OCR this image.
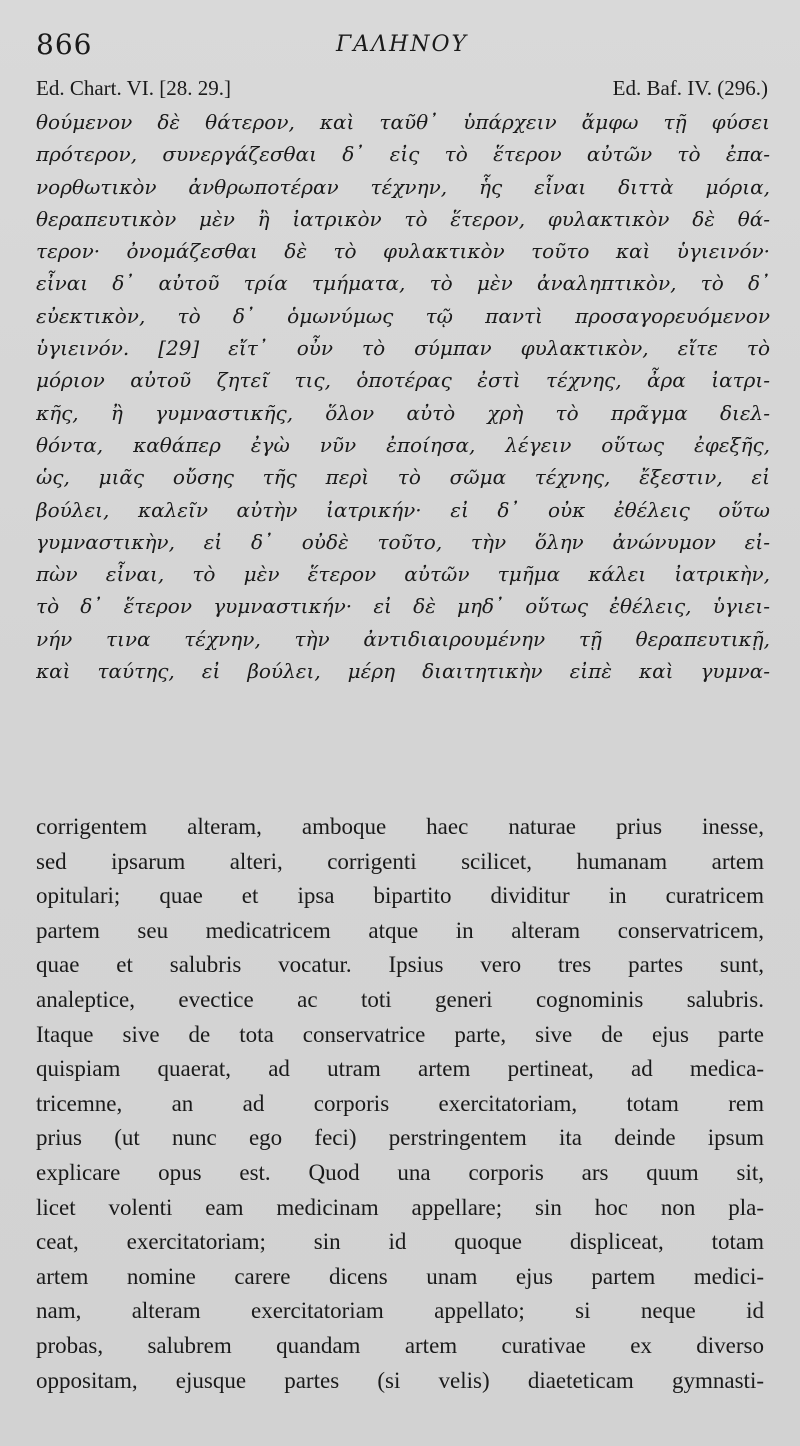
866	ΓΑΛΗΝΟΥ
Ed. Chart. VI. [28. 29.]	Ed. Baf. IV. (296.)
θούμενον δὲ θάτερον, καὶ ταῦθ᾽ ὑπάρχειν ἄμφω τῇ φύσει
πρότερον, συνεργάζεσθαι δ᾽ εἰς τὸ ἕτερον αὐτῶν τὸ ἐπα-
νορθωτικὸν ἀνθρωποτέραν τέχνην, ἧς εἶναι διττὰ μόρια,
θεραπευτικὸν μὲν ἢ ἰατρικὸν τὸ ἕτερον, φυλακτικὸν δὲ θά-
τερον· ὀνομάζεσθαι δὲ τὸ φυλακτικὸν τοῦτο καὶ ὑγιεινόν·
εἶναι δ᾽ αὐτοῦ τρία τμήματα, τὸ μὲν ἀναληπτικὸν, τὸ δ᾽
εὐεκτικὸν, τὸ δ᾽ ὁμωνύμως τῷ παντὶ προσαγορευόμενον
ὑγιεινόν. [29] εἴτ᾽ οὖν τὸ σύμπαν φυλακτικὸν, εἴτε τὸ
μόριον αὐτοῦ ζητεῖ τις, ὁποτέρας ἐστὶ τέχνης, ἆρα ἰατρι-
κῆς, ἢ γυμναστικῆς, ὅλον αὐτὸ χρὴ τὸ πρᾶγμα διελ-
θόντα, καθάπερ ἐγὼ νῦν ἐποίησα, λέγειν οὕτως ἐφεξῆς,
ὡς, μιᾶς οὔσης τῆς περὶ τὸ σῶμα τέχνης, ἔξεστιν, εἰ
βούλει, καλεῖν αὐτὴν ἰατρικήν· εἰ δ᾽ οὐκ ἐθέλεις οὕτω
γυμναστικὴν, εἰ δ᾽ οὐδὲ τοῦτο, τὴν ὅλην ἀνώνυμον εἰ-
πὼν εἶναι, τὸ μὲν ἕτερον αὐτῶν τμῆμα κάλει ἰατρικὴν,
τὸ δ᾽ ἕτερον γυμναστικήν· εἰ δὲ μηδ᾽ οὕτως ἐθέλεις, ὑγιει-
νήν τινα τέχνην, τὴν ἀντιδιαιρουμένην τῇ θεραπευτικῇ,
καὶ ταύτης, εἰ βούλει, μέρη διαιτητικὴν εἰπὲ καὶ γυμνα-
corrigentem alteram, amboque haec naturae prius inesse,
sed ipsarum alteri, corrigenti scilicet, humanam artem
opitulari; quae et ipsa bipartito dividitur in curatricem
partem seu medicatricem atque in alteram conservatricem,
quae et salubris vocatur. Ipsius vero tres partes sunt,
analeptice, evectice ac toti generi cognominis salubris.
Itaque sive de tota conservatrice parte, sive de ejus parte
quispiam quaerat, ad utram artem pertineat, ad medica-
tricemne, an ad corporis exercitatoriam, totam rem
prius (ut nunc ego feci) perstringentem ita deinde ipsum
explicare opus est. Quod una corporis ars quum sit,
licet volenti eam medicinam appellare; sin hoc non pla-
ceat, exercitatoriam; sin id quoque displiceat, totam
artem nomine carere dicens unam ejus partem medici-
nam, alteram exercitatoriam appellato; si neque id
probas, salubrem quandam artem curativae ex diverso
oppositam, ejusque partes (si velis) diaeteticam gymnasti-
